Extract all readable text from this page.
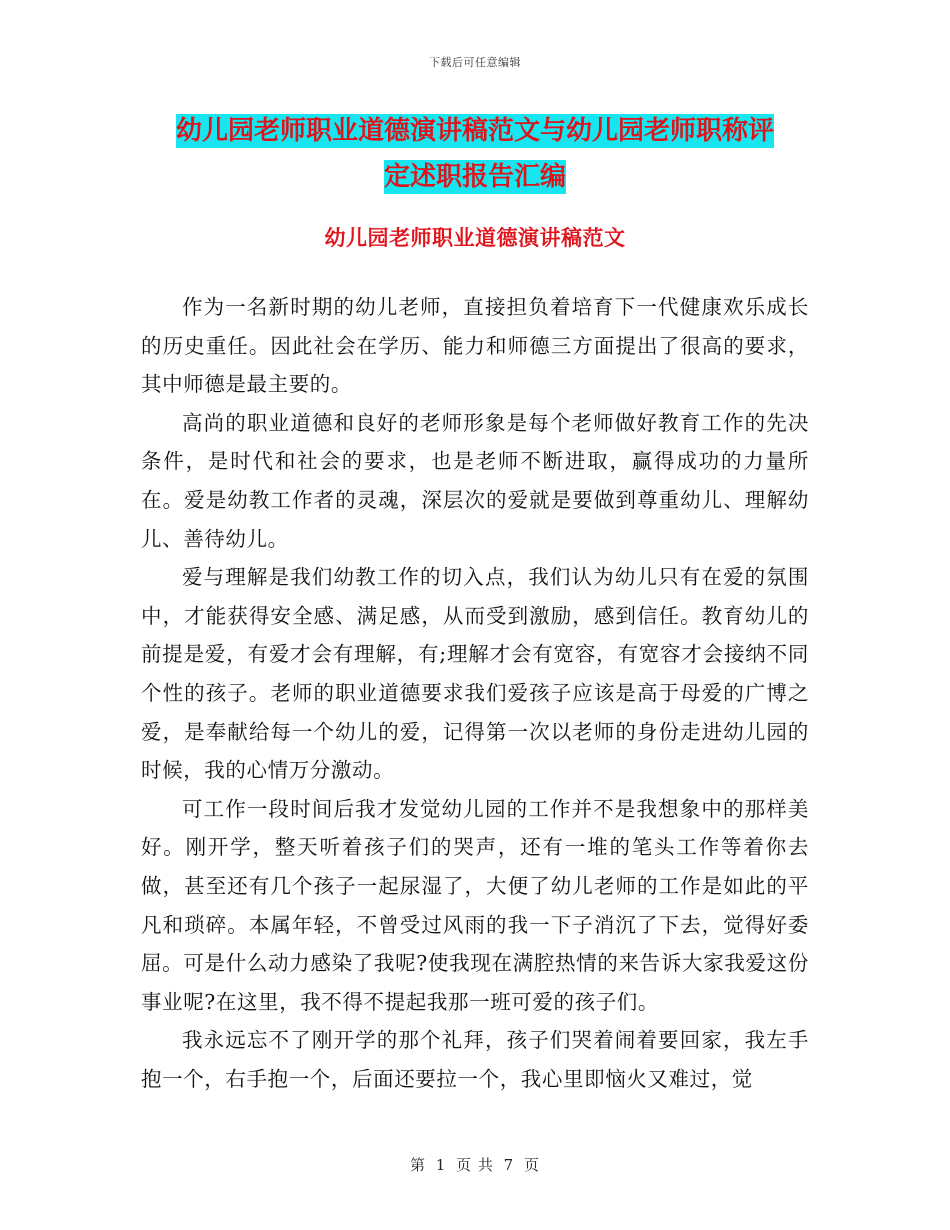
下载后可任意编辑
幼儿园老师职业道德演讲稿范文与幼儿园老师职称评
定述职报告汇编
幼儿园老师职业道德演讲稿范文

作为一名新时期的幼儿老师，直接担负着培育下一代健康欢乐成长的历史重任。因此社会在学历、能力和师德三方面提出了很高的要求，其中师德是最主要的。

高尚的职业道德和良好的老师形象是每个老师做好教育工作的先决条件，是时代和社会的要求，也是老师不断进取，赢得成功的力量所在。爱是幼教工作者的灵魂，深层次的爱就是要做到尊重幼儿、理解幼儿、善待幼儿。

爱与理解是我们幼教工作的切入点，我们认为幼儿只有在爱的氛围中，才能获得安全感、满足感，从而受到激励，感到信任。教育幼儿的前提是爱，有爱才会有理解，有;理解才会有宽容，有宽容才会接纳不同个性的孩子。老师的职业道德要求我们爱孩子应该是高于母爱的广博之爱，是奉献给每一个幼儿的爱，记得第一次以老师的身份走进幼儿园的时候，我的心情万分激动。

可工作一段时间后我才发觉幼儿园的工作并不是我想象中的那样美好。刚开学，整天听着孩子们的哭声，还有一堆的笔头工作等着你去做，甚至还有几个孩子一起尿湿了，大便了幼儿老师的工作是如此的平凡和琐碎。本属年轻，不曾受过风雨的我一下子消沉了下去，觉得好委屈。可是什么动力感染了我呢?使我现在满腔热情的来告诉大家我爱这份事业呢?在这里，我不得不提起我那一班可爱的孩子们。

我永远忘不了刚开学的那个礼拜，孩子们哭着闹着要回家，我左手抱一个，右手抱一个，后面还要拉一个，我心里即恼火又难过，觉

第 1 页 共 7 页
